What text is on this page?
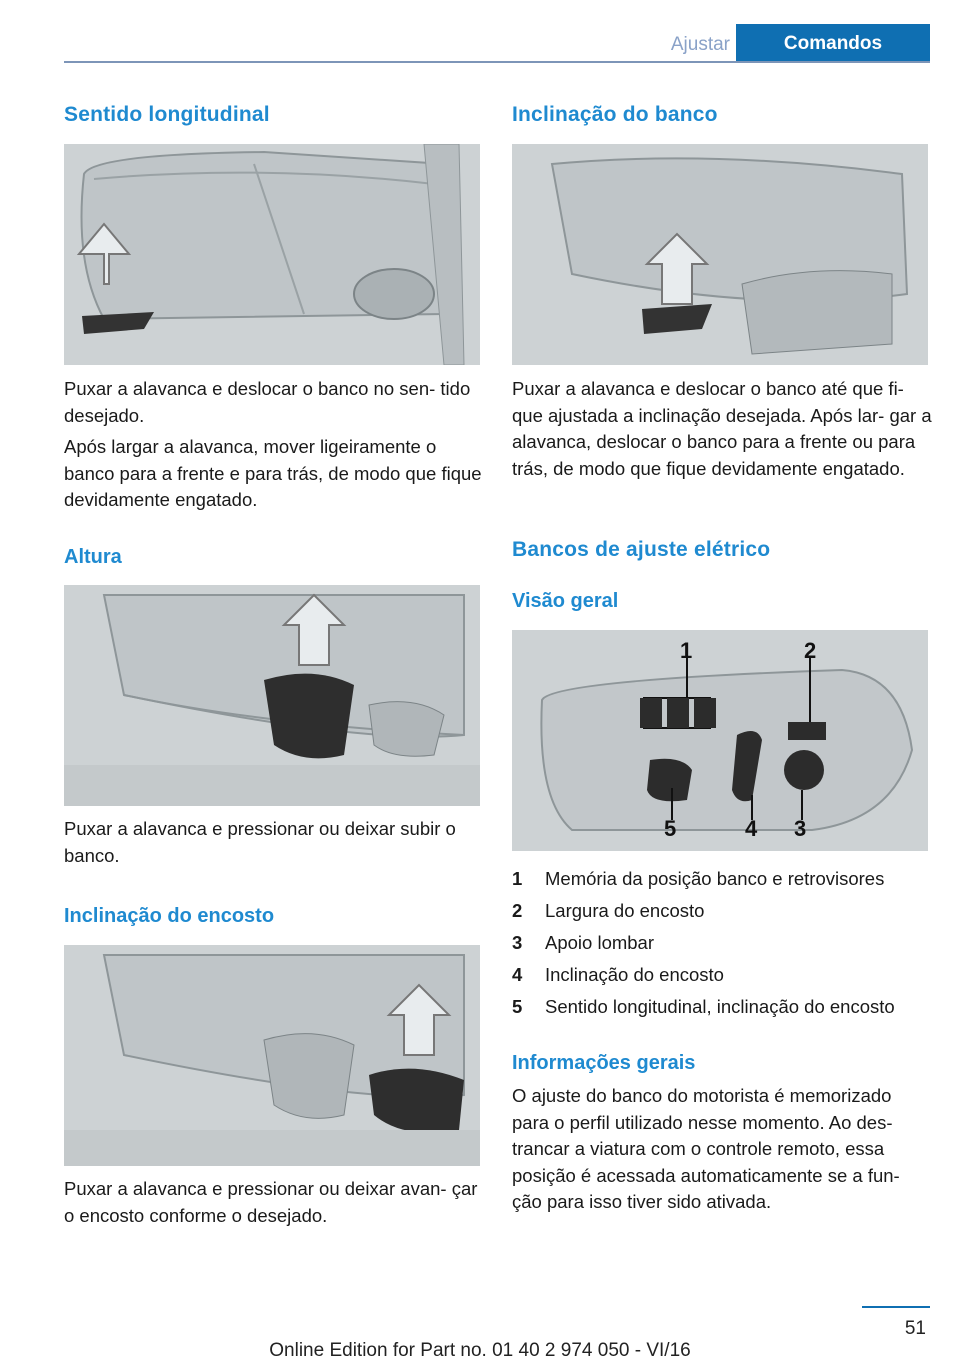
Ajustar	Comandos
Sentido longitudinal

Puxar a alavanca e deslocar o banco no sen- tido desejado.

Após largar a alavanca, mover ligeiramente o banco para a frente e para trás, de modo que fique devidamente engatado.

Altura

Puxar a alavanca e pressionar ou deixar subir o banco.

Inclinação do encosto

Puxar a alavanca e pressionar ou deixar avan- çar o encosto conforme o desejado.

Inclinação do banco

Puxar a alavanca e deslocar o banco até que fi- que ajustada a inclinação desejada. Após lar- gar a alavanca, deslocar o banco para a frente ou para trás, de modo que fique devidamente engatado.

Bancos de ajuste elétrico
Visão geral
1	2
5	4 3
1	Memória da posição banco e retrovisores
2	Largura do encosto
3	Apoio lombar
4	Inclinação do encosto
5	Sentido longitudinal, inclinação do encosto
Informações gerais

O ajuste do banco do motorista é memorizado para o perfil utilizado nesse momento. Ao des- trancar a viatura com o controle remoto, essa posição é acessada automaticamente se a fun- ção para isso tiver sido ativada.

51
Online Edition for Part no. 01 40 2 974 050 - VI/16
